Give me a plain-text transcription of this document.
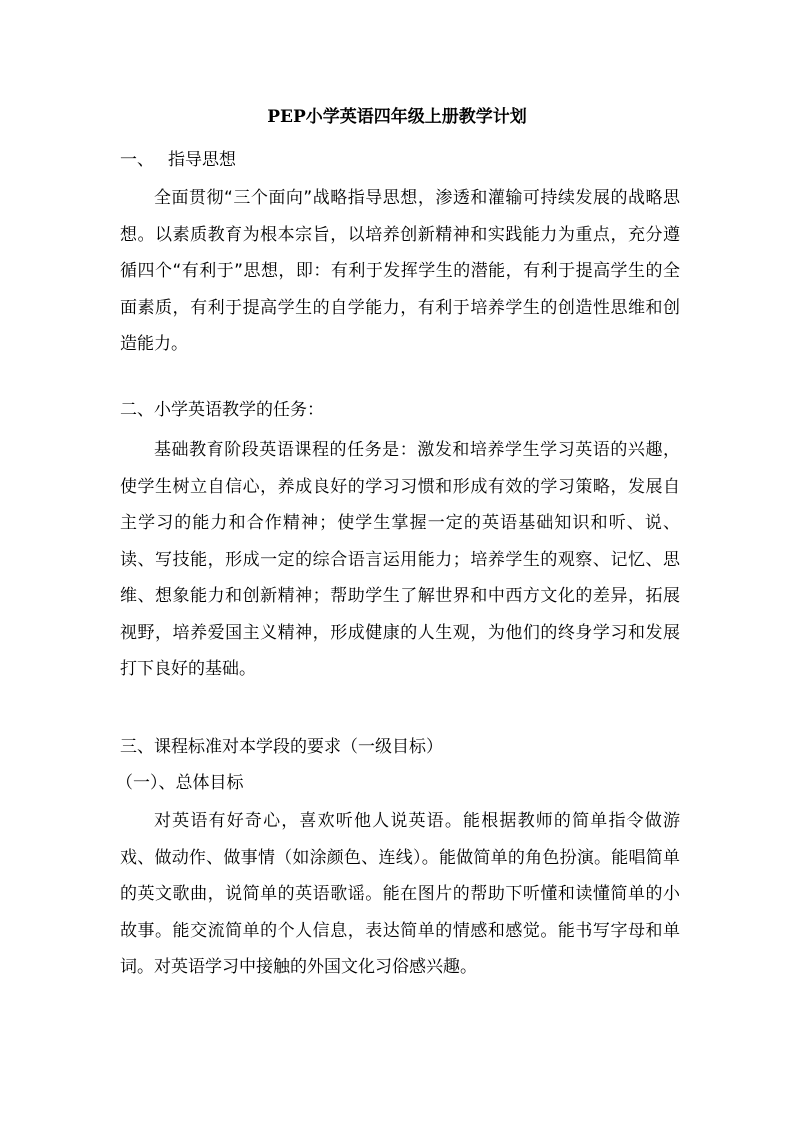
PEP小学英语四年级上册教学计划
一、 指导思想
全面贯彻“三个面向”战略指导思想，渗透和灌输可持续发展的战略思想。以素质教育为根本宗旨，以培养创新精神和实践能力为重点，充分遵循四个“有利于”思想，即：有利于发挥学生的潜能，有利于提高学生的全面素质，有利于提高学生的自学能力，有利于培养学生的创造性思维和创造能力。
二、小学英语教学的任务：
基础教育阶段英语课程的任务是：激发和培养学生学习英语的兴趣，使学生树立自信心，养成良好的学习习惯和形成有效的学习策略，发展自主学习的能力和合作精神；使学生掌握一定的英语基础知识和听、说、读、写技能，形成一定的综合语言运用能力；培养学生的观察、记忆、思维、想象能力和创新精神；帮助学生了解世界和中西方文化的差异，拓展视野，培养爱国主义精神，形成健康的人生观，为他们的终身学习和发展打下良好的基础。
三、课程标准对本学段的要求（一级目标）
（一）、总体目标
对英语有好奇心，喜欢听他人说英语。能根据教师的简单指令做游戏、做动作、做事情（如涂颜色、连线）。能做简单的角色扮演。能唱简单的英文歌曲，说简单的英语歌谣。能在图片的帮助下听懂和读懂简单的小故事。能交流简单的个人信息，表达简单的情感和感觉。能书写字母和单词。对英语学习中接触的外国文化习俗感兴趣。
